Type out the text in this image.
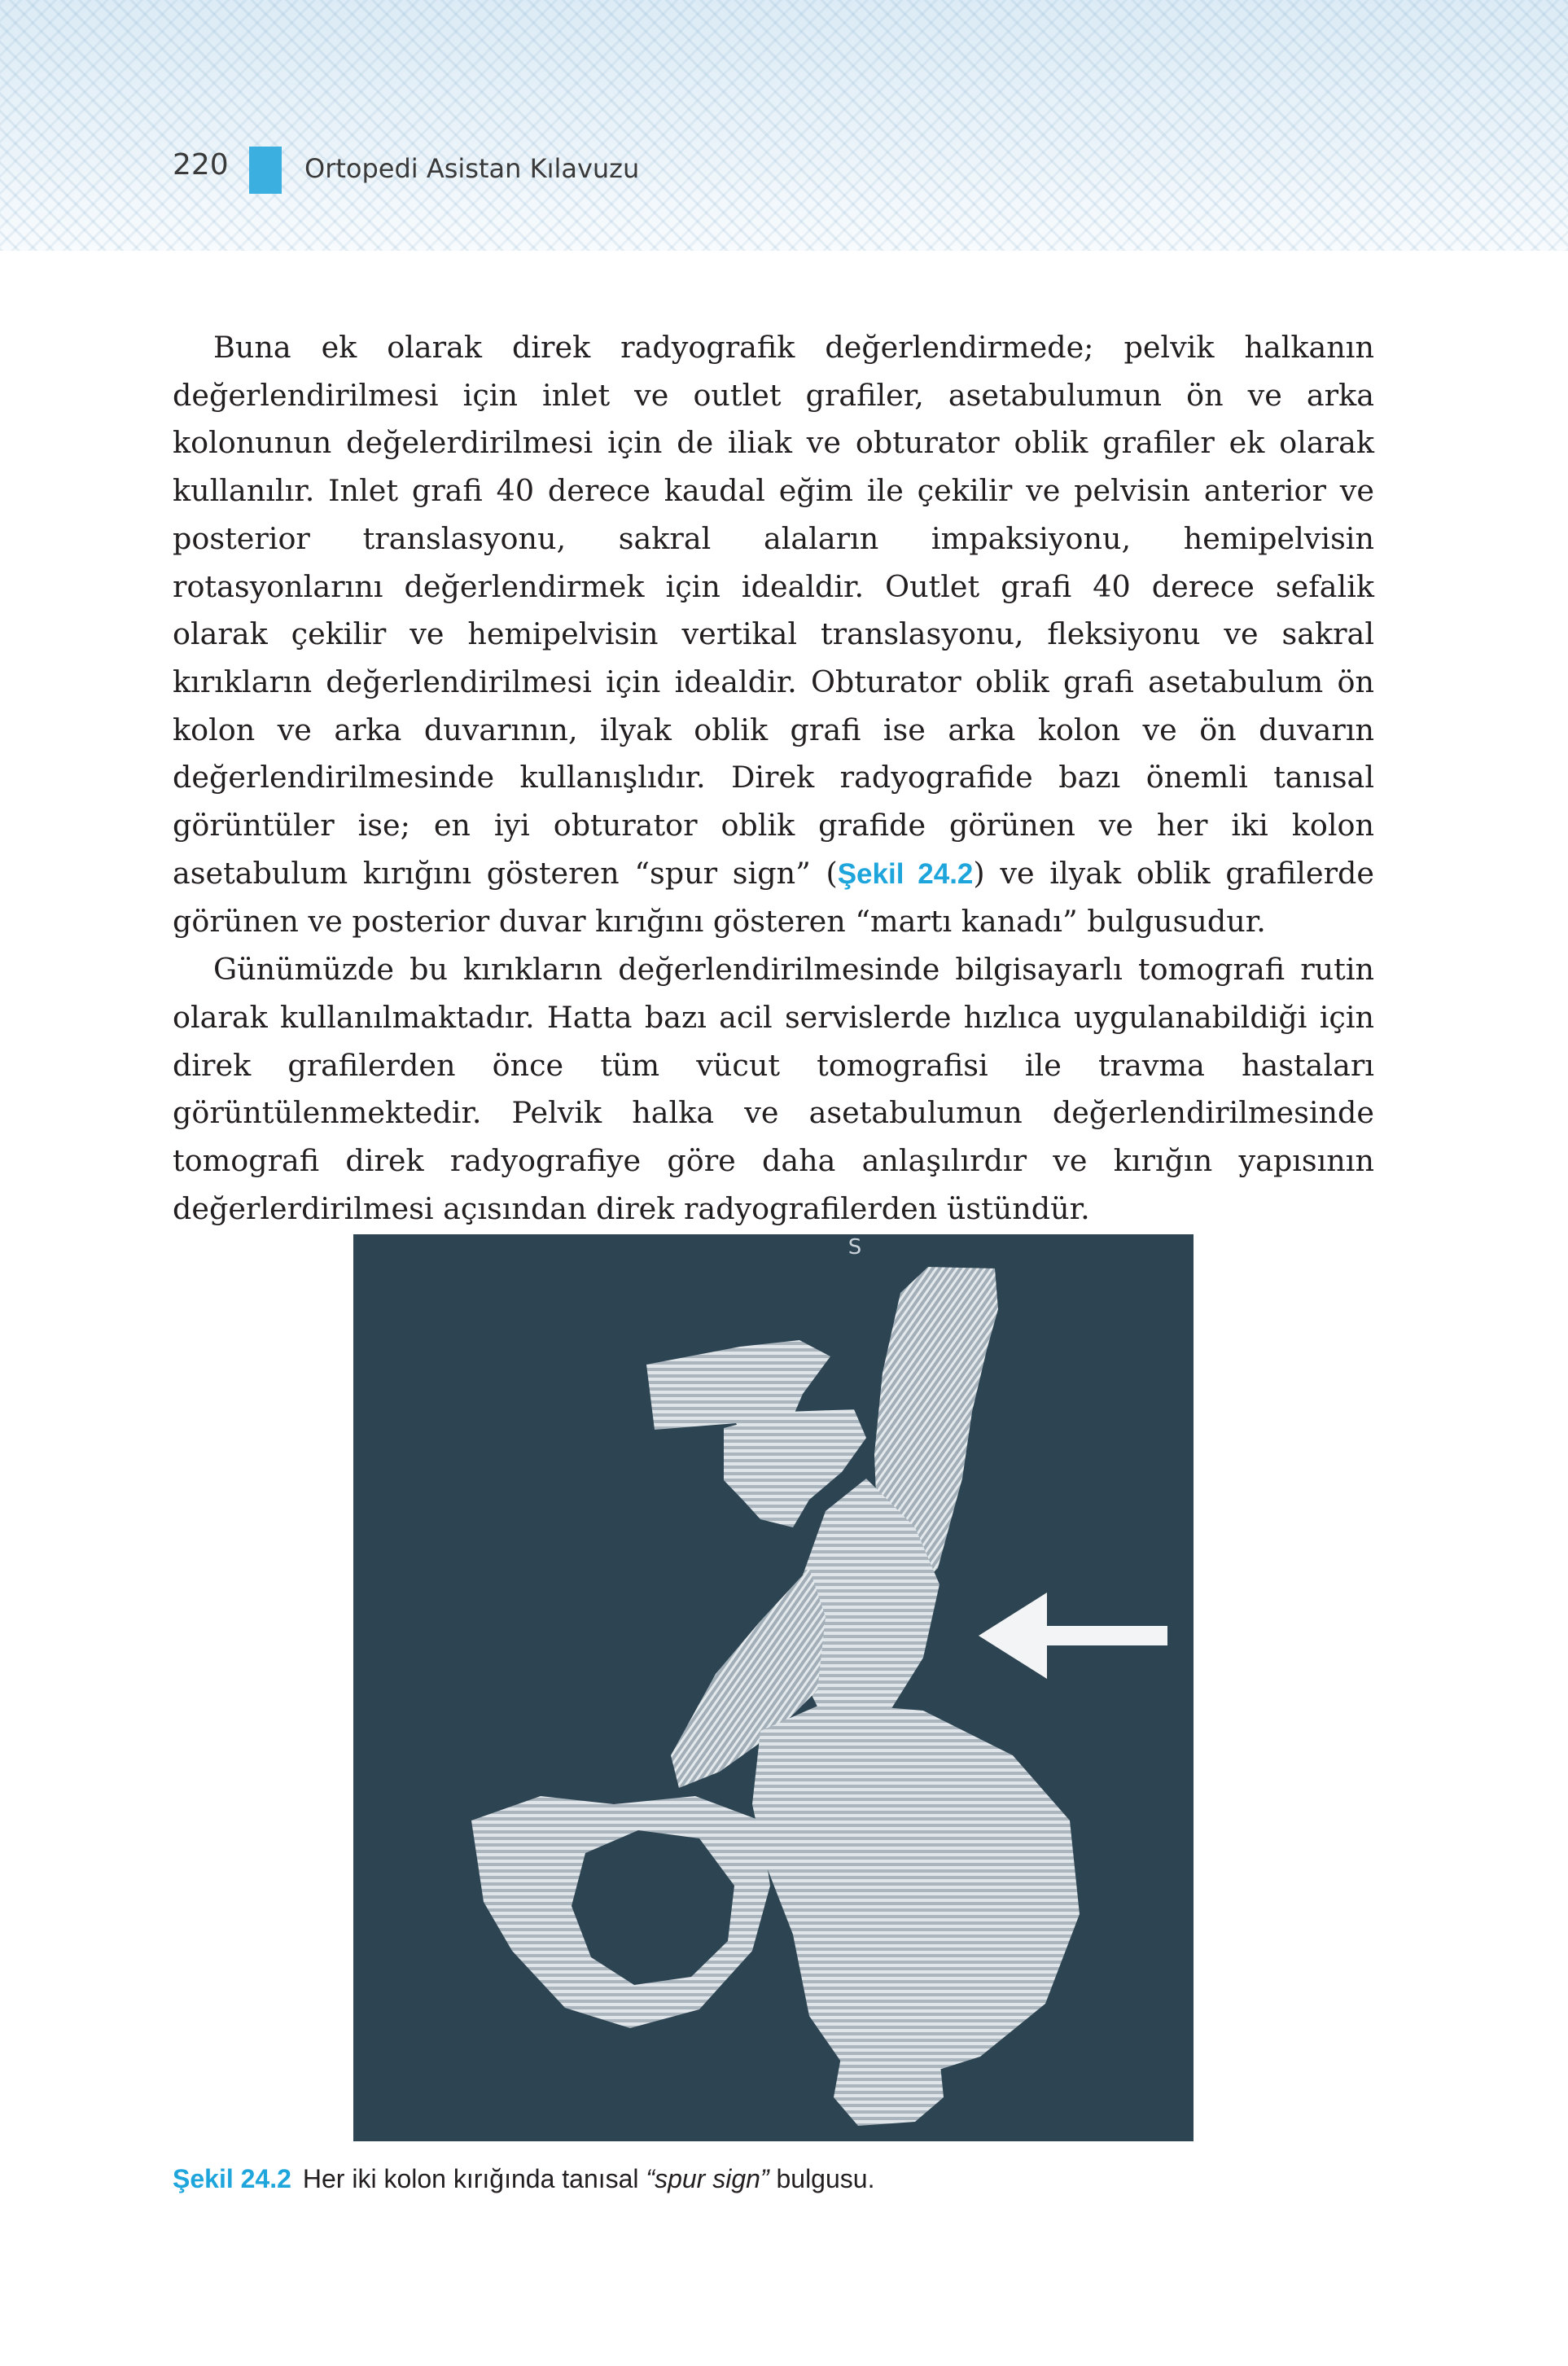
220	Ortopedi Asistan Kılavuzu

Buna ek olarak direk radyografik değerlendirmede; pelvik halkanın değerlendirilmesi için inlet ve outlet grafiler, asetabulumun ön ve arka kolonunun değelerdirilmesi için de iliak ve obturator oblik grafiler ek olarak kullanılır. Inlet grafi 40 derece kaudal eğim ile çekilir ve pelvisin anterior ve posterior translasyonu, sakral alaların impaksiyonu, hemipelvisin rotasyonlarını değerlendirmek için idealdir. Outlet grafi 40 derece sefalik olarak çekilir ve hemipelvisin vertikal translasyonu, fleksiyonu ve sakral kırıkların değerlendirilmesi için idealdir. Obturator oblik grafi asetabulum ön kolon ve arka duvarının, ilyak oblik grafi ise arka kolon ve ön duvarın değerlendirilmesinde kullanışlıdır. Direk radyografide bazı önemli tanısal görüntüler ise; en iyi obturator oblik grafide görünen ve her iki kolon asetabulum kırığını gösteren “spur sign” (Şekil 24.2) ve ilyak oblik grafilerde görünen ve posterior duvar kırığını gösteren “martı kanadı” bulgusudur.

Günümüzde bu kırıkların değerlendirilmesinde bilgisayarlı tomografi rutin olarak kullanılmaktadır. Hatta bazı acil servislerde hızlıca uygulanabildiği için direk grafilerden önce tüm vücut tomografisi ile travma hastaları görüntülenmektedir. Pelvik halka ve asetabulumun değerlendirilmesinde tomografi direk radyografiye göre daha anlaşılırdır ve kırığın yapısının değerlerdirilmesi açısından direk radyografilerden üstündür.

S
Şekil 24.2 Her iki kolon kırığında tanısal “spur sign” bulgusu.
